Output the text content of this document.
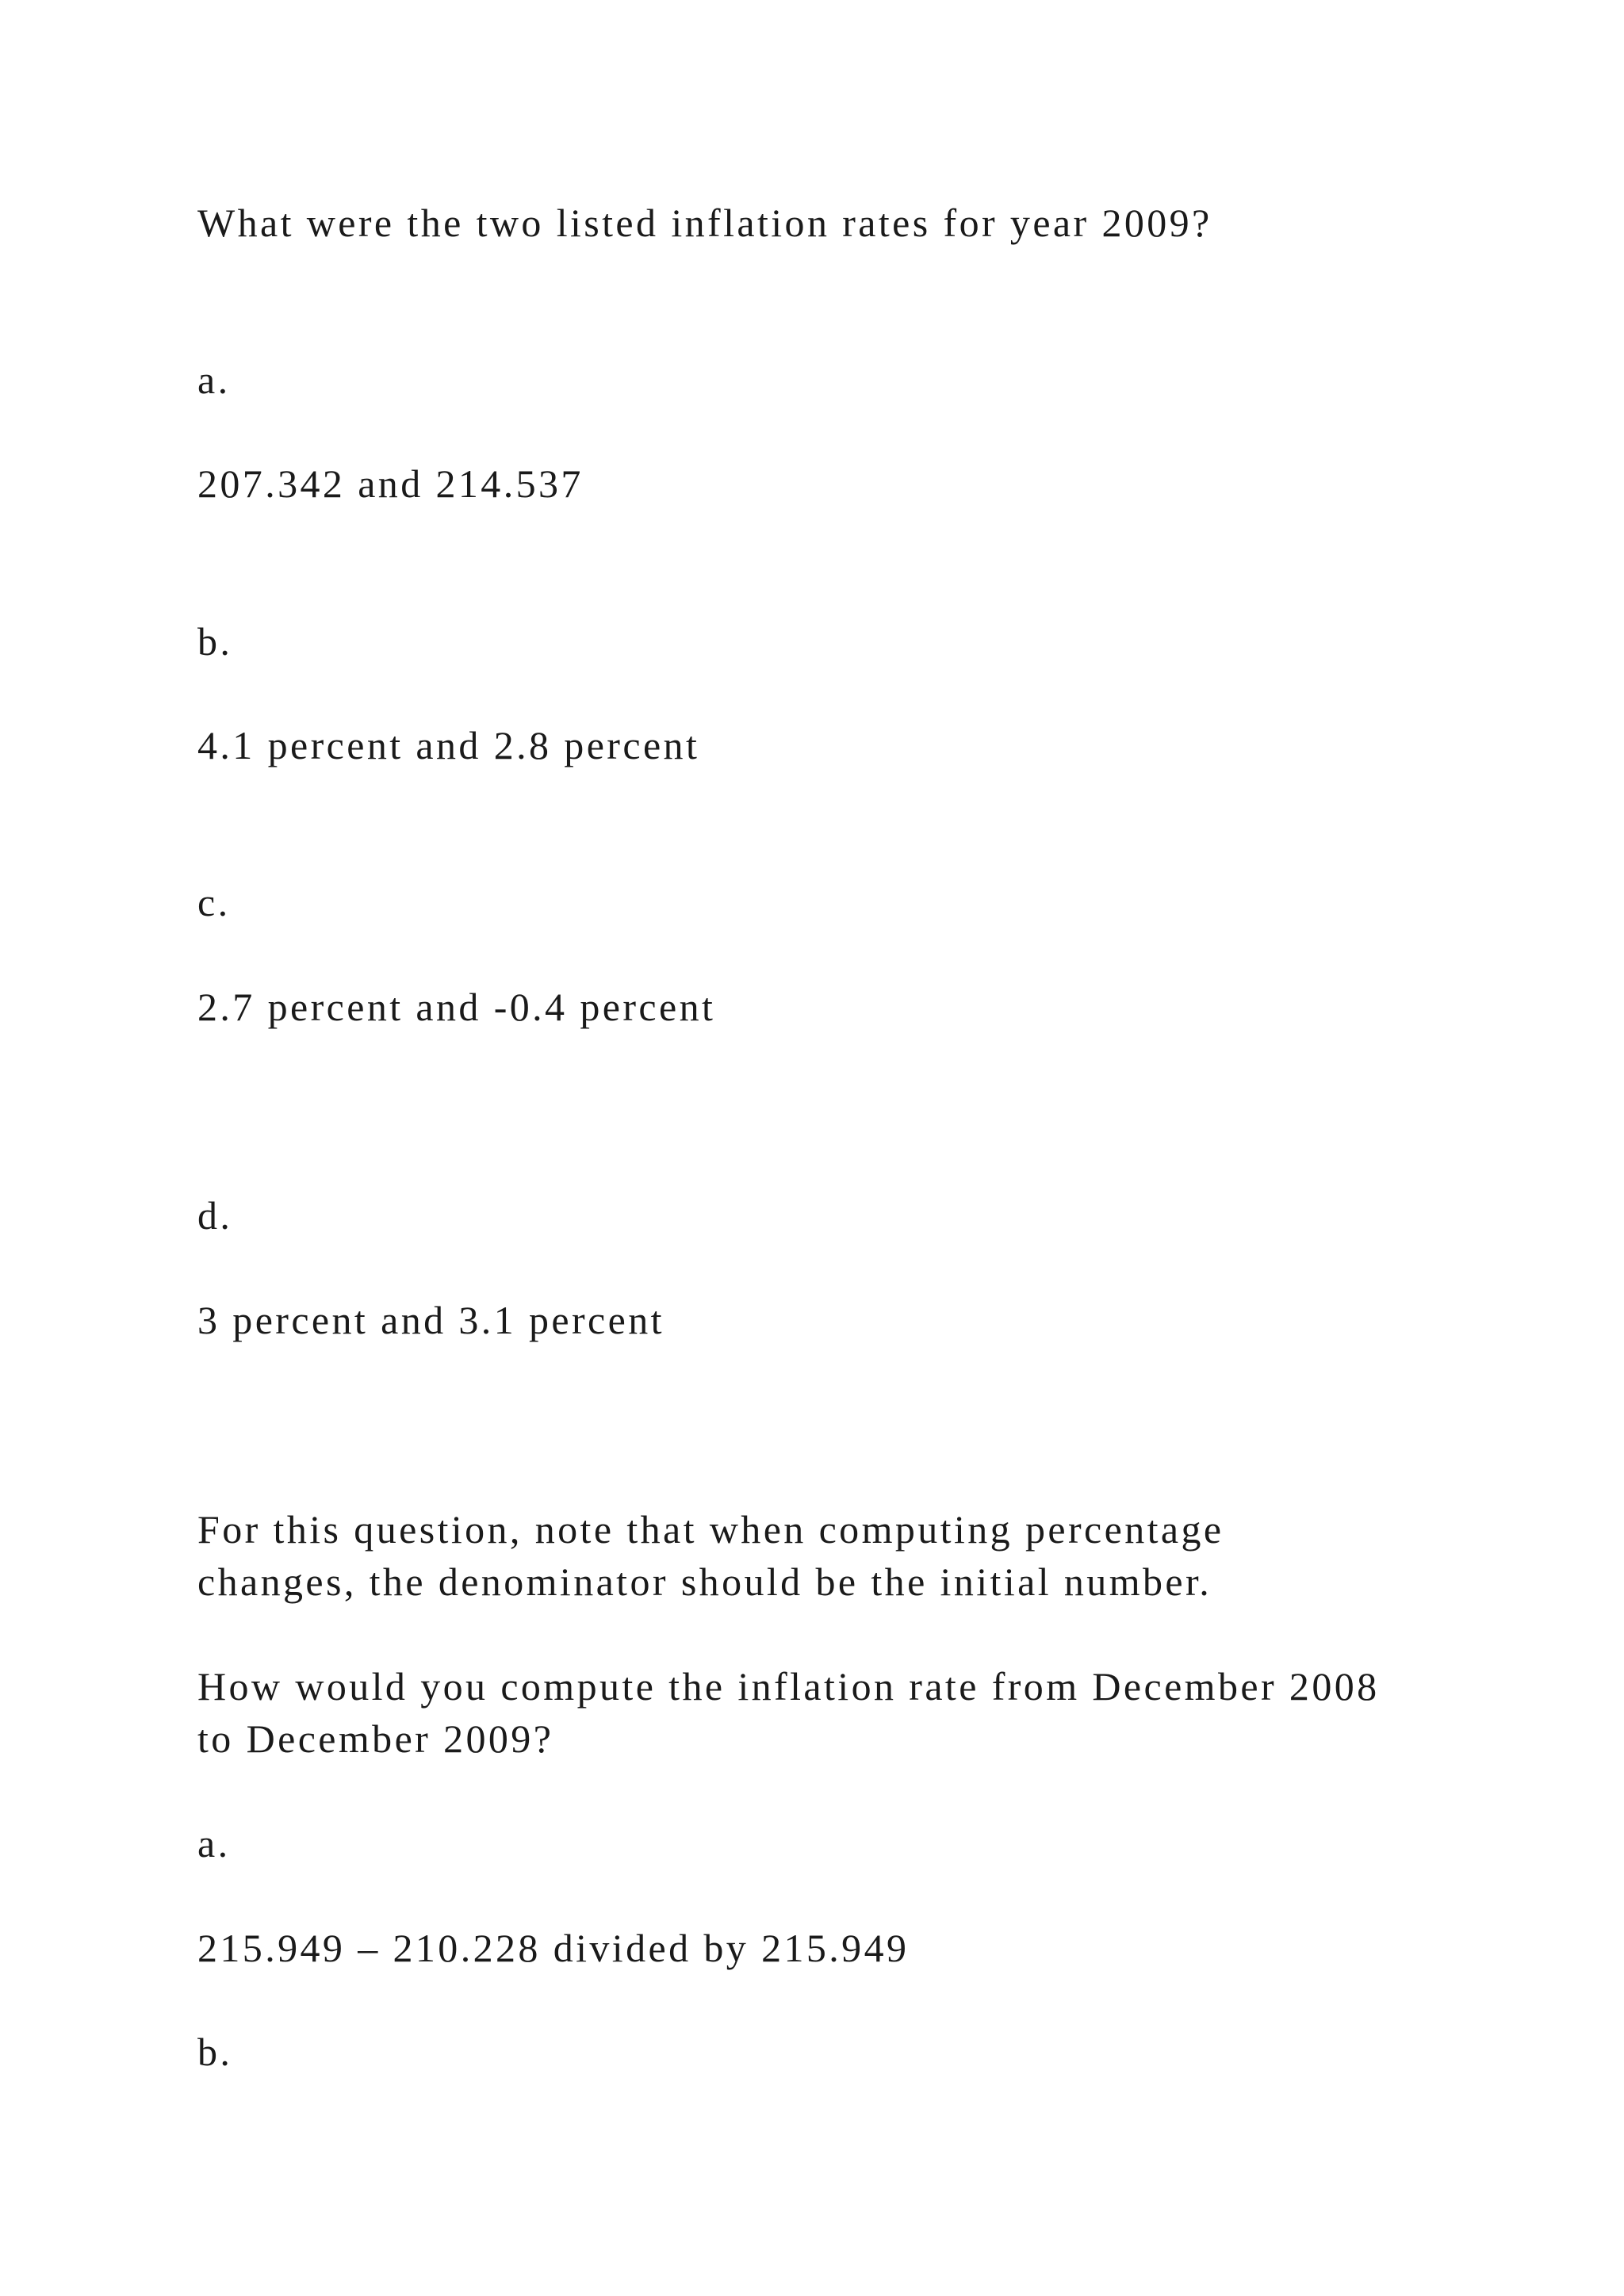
What were the two listed inflation rates for year 2009?

a.

207.342 and 214.537

b.

4.1 percent and 2.8 percent

c.

2.7 percent and -0.4 percent

d.

3 percent and 3.1 percent

For this question, note that when computing percentage

changes, the denominator should be the initial number.

How would you compute the inflation rate from December 2008

to December 2009?

a.

215.949 – 210.228 divided by 215.949

b.
